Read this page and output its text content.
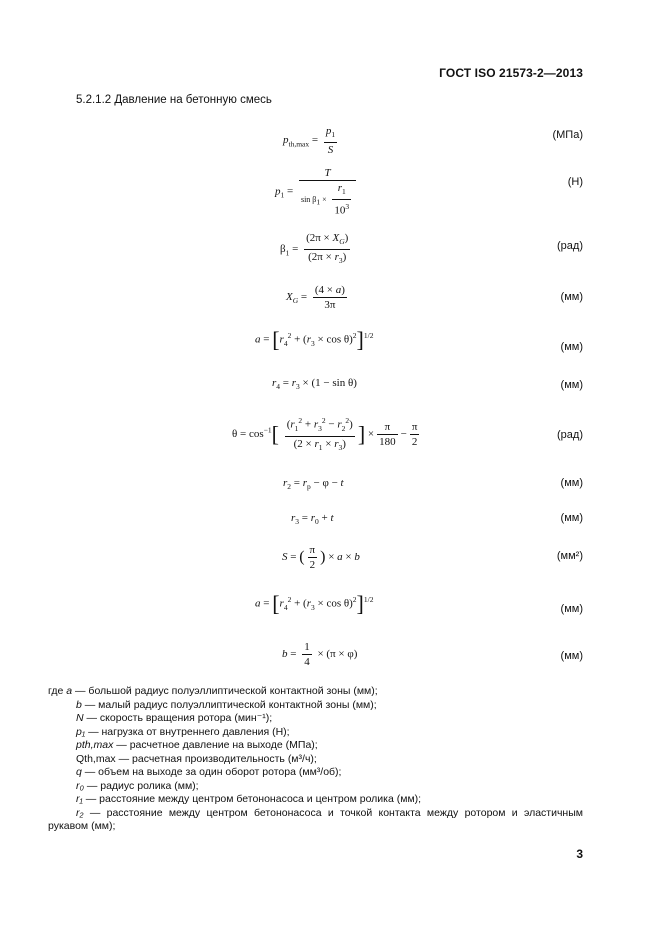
ГОСТ ISO 21573-2—2013
5.2.1.2 Давление на бетонную смесь
$p_{th,max} = \frac{p_1}{S}$	(МПа)
$p_1 = \frac{T}{\sin \beta_1 \times \frac{r_1}{10^3}}$	(Н)
$\beta_1 = \frac{(2\pi \times X_G)}{(2\pi \times r_3)}$	(рад)
$X_G = \frac{(4 \times a)}{3\pi}$	(мм)
$a = [r_4^2 + (r_3 \times \cos \theta)^2]^{1/2}$
(мм)
$r_4 = r_3 \times (1 - \sin \theta)$	(мм)
$\theta = \cos^{-1}[ \frac{(r_1^2 + r_3^2 - r_2^2)}{(2 \times r_1 \times r_3)}$ ] × $\frac{\pi}{180} - \frac{\pi}{2}$	(рад)
$r_2 = r_p - \varphi - t$	(мм)
$r_3 = r_0 + t$	(мм)
S = ( $\frac{\pi}{2}$ ) × a × b	(мм²)
$a = [r_4^2 + (r_3 \times \cos \theta)^2]^{1/2}$
(мм)
$b = \frac{1}{4} \times (\pi \times \varphi)$	(мм)
где a — большой радиус полуэллиптической контактной зоны (мм);
b — малый радиус полуэллиптической контактной зоны (мм);
N — скорость вращения ротора (мин⁻¹);
p₁ — нагрузка от внутреннего давления (Н);
pth,max — расчетное давление на выходе (МПа);
Qth,max — расчетная производительность (м³/ч);
q — объем на выходе за один оборот ротора (мм³/об);
r₀ — радиус ролика (мм);
r₁ — расстояние между центром бетононасоса и центром ролика (мм);
r₂ — расстояние между центром бетононасоса и точкой контакта между ротором и эластичным
рукавом (мм);
3
